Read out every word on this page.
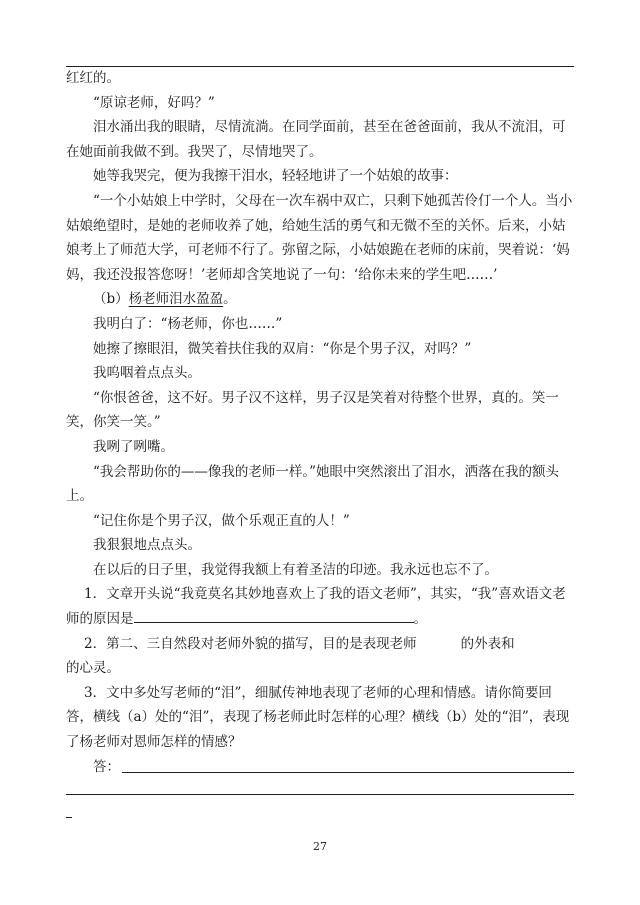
红红的。

“原谅老师，好吗？”

泪水涌出我的眼睛，尽情流淌。在同学面前，甚至在爸爸面前，我从不流泪，可在她面前我做不到。我哭了，尽情地哭了。

她等我哭完，便为我擦干泪水，轻轻地讲了一个姑娘的故事：

“一个小姑娘上中学时，父母在一次车祸中双亡，只剩下她孤苦伶仃一个人。当小姑娘绝望时，是她的老师收养了她，给她生活的勇气和无微不至的关怀。后来，小姑娘考上了师范大学，可老师不行了。弥留之际，小姑娘跪在老师的床前，哭着说：‘妈妈，我还没报答您呀！’老师却含笑地说了一句：‘给你未来的学生吧……’

（b）杨老师泪水盈盈。

我明白了：“杨老师，你也……”

她擦了擦眼泪，微笑着扶住我的双肩：“你是个男子汉，对吗？”

我呜咽着点点头。

“你恨爸爸，这不好。男子汉不这样，男子汉是笑着对待整个世界，真的。笑一笑，你笑一笑。”

我咧了咧嘴。

“我会帮助你的——像我的老师一样。”她眼中突然滚出了泪水，洒落在我的额头上。

“记住你是个男子汉，做个乐观正直的人！”

我狠狠地点点头。

在以后的日子里，我觉得我额上有着圣洁的印迹。我永远也忘不了。

1．文章开头说“我竟莫名其妙地喜欢上了我的语文老师”，其实，“我”喜欢语文老师的原因是	。

2．第二、三自然段对老师外貌的描写，目的是表现老师	的外表和的心灵。

3．文中多处写老师的“泪”，细腻传神地表现了老师的心理和情感。请你简要回答，横线（a）处的“泪”，表现了杨老师此时怎样的心理？横线（b）处的“泪”，表现了杨老师对恩师怎样的情感？

答：
27
